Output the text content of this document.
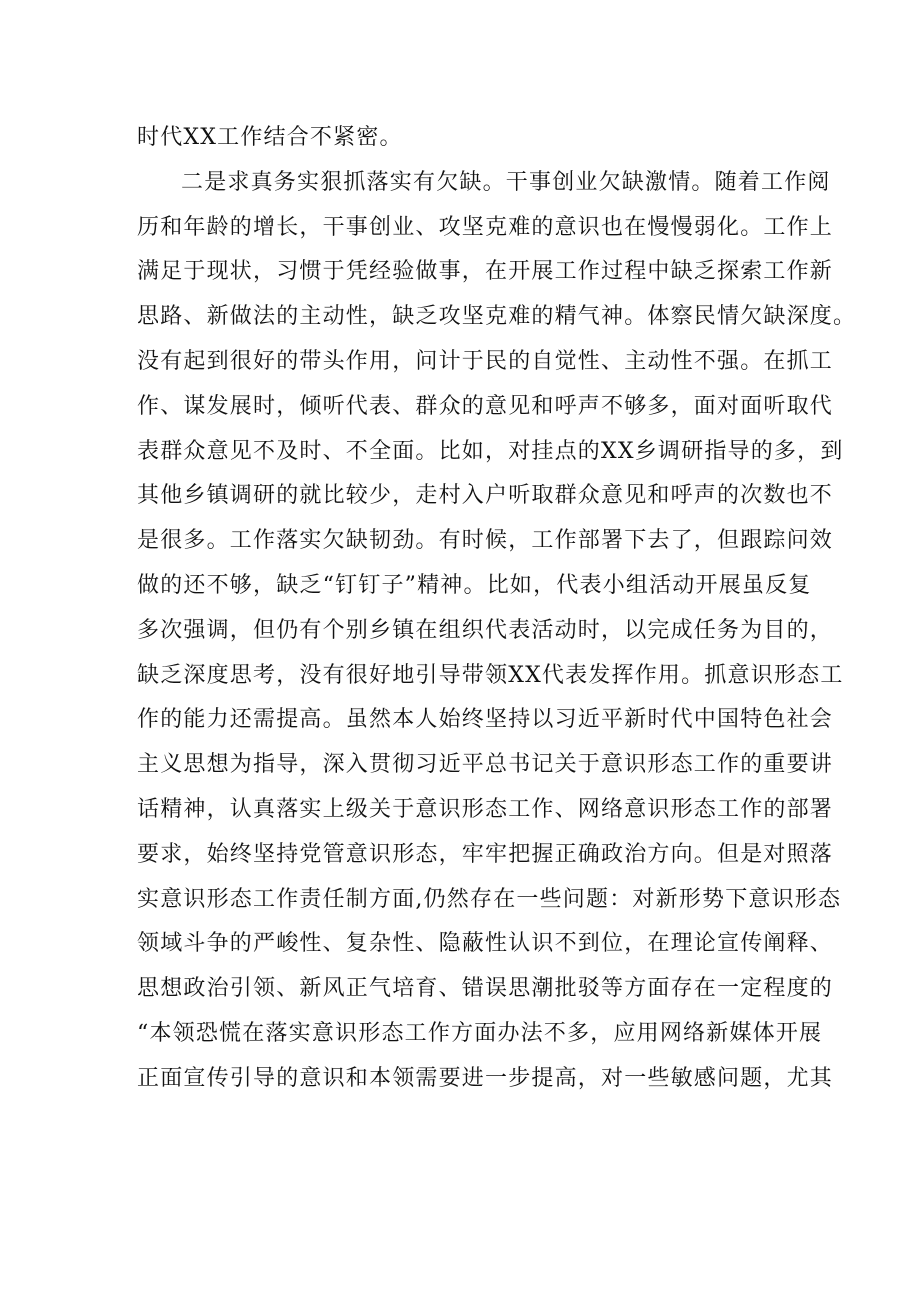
时代XX工作结合不紧密。
二是求真务实狠抓落实有欠缺。干事创业欠缺激情。随着工作阅
历和年龄的增长，干事创业、攻坚克难的意识也在慢慢弱化。工作上
满足于现状，习惯于凭经验做事，在开展工作过程中缺乏探索工作新
思路、新做法的主动性，缺乏攻坚克难的精气神。体察民情欠缺深度。
没有起到很好的带头作用，问计于民的自觉性、主动性不强。在抓工
作、谋发展时，倾听代表、群众的意见和呼声不够多，面对面听取代
表群众意见不及时、不全面。比如，对挂点的XX乡调研指导的多，到
其他乡镇调研的就比较少，走村入户听取群众意见和呼声的次数也不
是很多。工作落实欠缺韧劲。有时候，工作部署下去了，但跟踪问效
做的还不够，缺乏“钉钉子”精神。比如，代表小组活动开展虽反复
多次强调，但仍有个别乡镇在组织代表活动时，以完成任务为目的，
缺乏深度思考，没有很好地引导带领XX代表发挥作用。抓意识形态工
作的能力还需提高。虽然本人始终坚持以习近平新时代中国特色社会
主义思想为指导，深入贯彻习近平总书记关于意识形态工作的重要讲
话精神，认真落实上级关于意识形态工作、网络意识形态工作的部署
要求，始终坚持党管意识形态，牢牢把握正确政治方向。但是对照落
实意识形态工作责任制方面,仍然存在一些问题：对新形势下意识形态
领域斗争的严峻性、复杂性、隐蔽性认识不到位，在理论宣传阐释、
思想政治引领、新风正气培育、错误思潮批驳等方面存在一定程度的
“本领恐慌在落实意识形态工作方面办法不多，应用网络新媒体开展
正面宣传引导的意识和本领需要进一步提高，对一些敏感问题，尤其
